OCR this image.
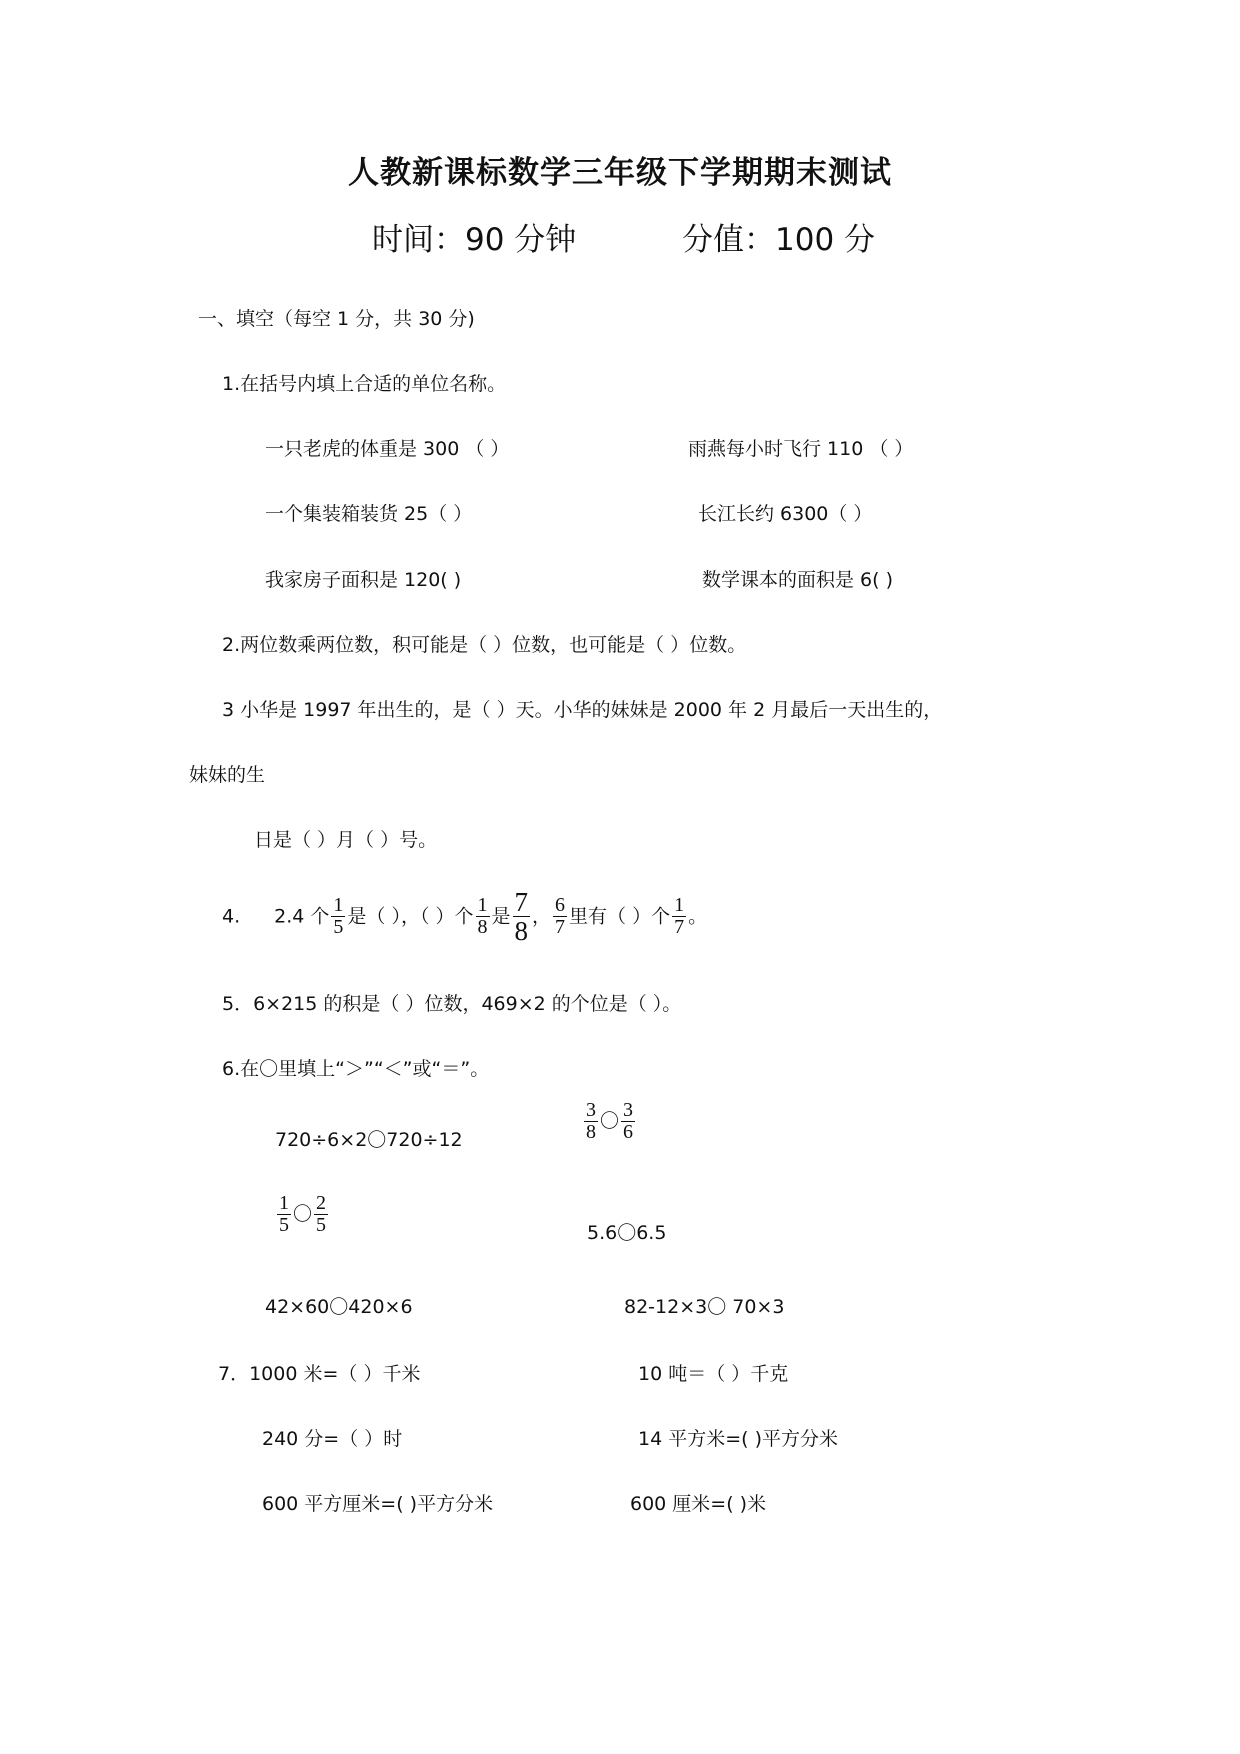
人教新课标数学三年级下学期期末测试
时间：90 分钟	分值：100 分
一、填空（每空 1 分，共 30 分)
1.在括号内填上合适的单位名称。
一只老虎的体重是 300 （ ）	雨燕每小时飞行 110 （ ）
一个集装箱装货 25（ ）	长江长约 6300（ ）
我家房子面积是 120( )	数学课本的面积是 6( )
2.两位数乘两位数，积可能是（ ）位数，也可能是（ ）位数。
3 小华是 1997 年出生的，是（ ）天。小华的妹妹是 2000 年 2 月最后一天出生的，
妹妹的生
日是（ ）月（ ）号。
4. 2.4 个 $\frac{1}{5}$ 是（ ），（ ）个 $\frac{1}{8}$ 是 $\frac{7}{8}$ ， $\frac{6}{7}$ 里有（ ）个 $\frac{1}{7}$ 。
5．6×215 的积是（ ）位数，469×2 的个位是（ ）。
6.在〇里填上“＞”“＜”或“＝”。
720÷6×2〇720÷12	$\frac{3}{8}$ 〇 $\frac{3}{6}$
$\frac{1}{5}$ 〇 $\frac{2}{5}$	5.6〇6.5
42×60〇420×6	82-12×3〇 70×3
7．1000 米=（ ）千米	10 吨＝（ ）千克
240 分=（ ）时	14 平方米=( )平方分米
600 平方厘米=( )平方分米	600 厘米=( )米
